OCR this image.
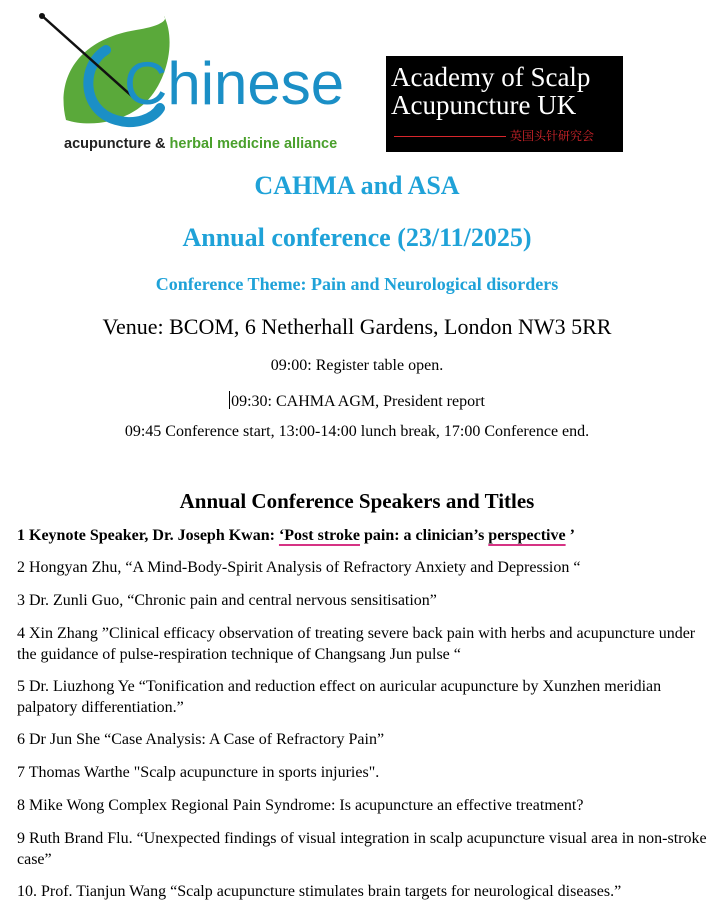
Chinese
acupuncture & herbal medicine alliance
Academy of Scalp
Acupuncture UK
英国头针研究会
CAHMA and ASA
Annual conference (23/11/2025)
Conference Theme: Pain and Neurological disorders
Venue: BCOM, 6 Netherhall Gardens, London NW3 5RR
09:00: Register table open.
09:30: CAHMA AGM, President report
09:45 Conference start, 13:00-14:00 lunch break, 17:00 Conference end.
Annual Conference Speakers and Titles
1 Keynote Speaker, Dr. Joseph Kwan: ‘Post stroke pain: a clinician’s perspective ’
2 Hongyan Zhu, “A Mind-Body-Spirit Analysis of Refractory Anxiety and Depression “
3 Dr. Zunli Guo, “Chronic pain and central nervous sensitisation”
4 Xin Zhang ”Clinical efficacy observation of treating severe back pain with herbs and acupuncture under the guidance of pulse-respiration technique of Changsang Jun pulse “
5 Dr. Liuzhong Ye “Tonification and reduction effect on auricular acupuncture by Xunzhen meridian palpatory differentiation.”
6 Dr Jun She “Case Analysis: A Case of Refractory Pain”
7 Thomas Warthe "Scalp acupuncture in sports injuries".
8 Mike Wong Complex Regional Pain Syndrome: Is acupuncture an effective treatment?
9 Ruth Brand Flu. “Unexpected findings of visual integration in scalp acupuncture visual area in non-stroke case”
10. Prof. Tianjun Wang “Scalp acupuncture stimulates brain targets for neurological diseases.”
